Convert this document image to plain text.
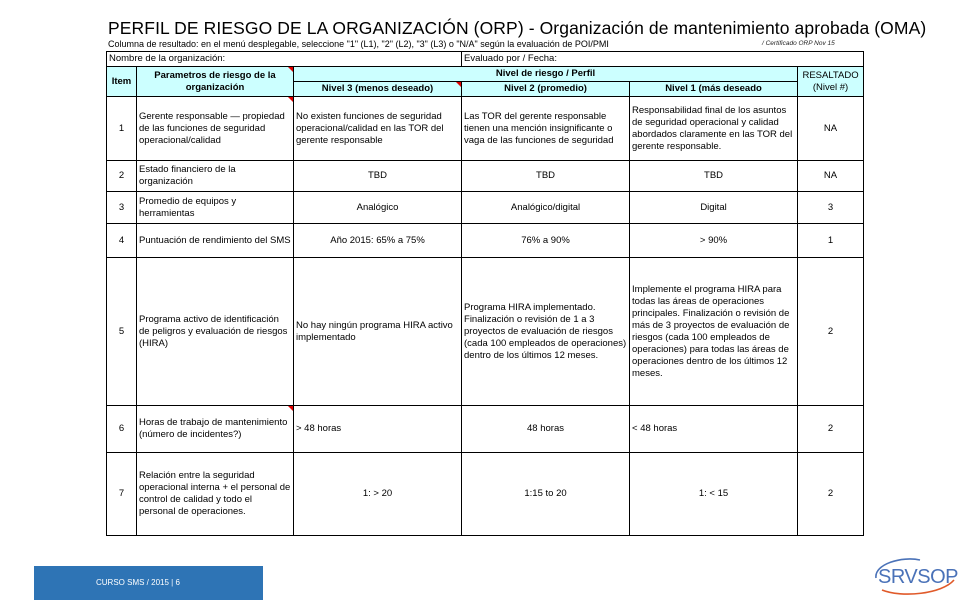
PERFIL DE RIESGO DE LA ORGANIZACIÓN (ORP) - Organización de mantenimiento aprobada (OMA)
Columna de resultado: en el menú desplegable, seleccione "1" (L1), "2" (L2), "3" (L3) o "N/A" según la evaluación de POI/PMI	/ Certificado ORP Nov 15
Nombre de la organización:			Evaluado por / Fecha:		
Item	Parametros de riesgo de la organización	Nivel de riesgo / Perfil			RESALTADO (Nivel #)
		Nivel 3 (menos deseado)	Nivel 2 (promedio)	Nivel 1 (más deseado	
1	Gerente responsable — propiedad de las funciones de seguridad operacional/calidad	No existen funciones de seguridad operacional/calidad en las TOR del gerente responsable	Las TOR del gerente responsable tienen una mención insignificante o vaga de las funciones de seguridad	Responsabilidad final de los asuntos de seguridad operacional y calidad abordados claramente en las TOR del gerente responsable.	NA
2	Estado financiero de la organización	TBD	TBD	TBD	NA
3	Promedio de equipos y herramientas	Analógico	Analógico/digital	Digital	3
4	Puntuación de rendimiento del SMS	Año 2015: 65% a 75%	76% a 90%	> 90%	1
5	Programa activo de identificación de peligros y evaluación de riesgos (HIRA)	No hay ningún programa HIRA activo implementado	Programa HIRA implementado. Finalización o revisión de 1 a 3 proyectos de evaluación de riesgos (cada 100 empleados de operaciones) dentro de los últimos 12 meses.	Implemente el programa HIRA para todas las áreas de operaciones principales. Finalización o revisión de más de 3 proyectos de evaluación de riesgos (cada 100 empleados de operaciones) para todas las áreas de operaciones dentro de los últimos 12 meses.	2
6	Horas de trabajo de mantenimiento (número de incidentes?)	> 48 horas	48 horas	< 48 horas	2
7	Relación entre la seguridad operacional interna + el personal de control de calidad y todo el personal de operaciones.	1: > 20	1:15 to 20	1: < 15	2
CURSO SMS / 2015 | 6	SRVSOP
